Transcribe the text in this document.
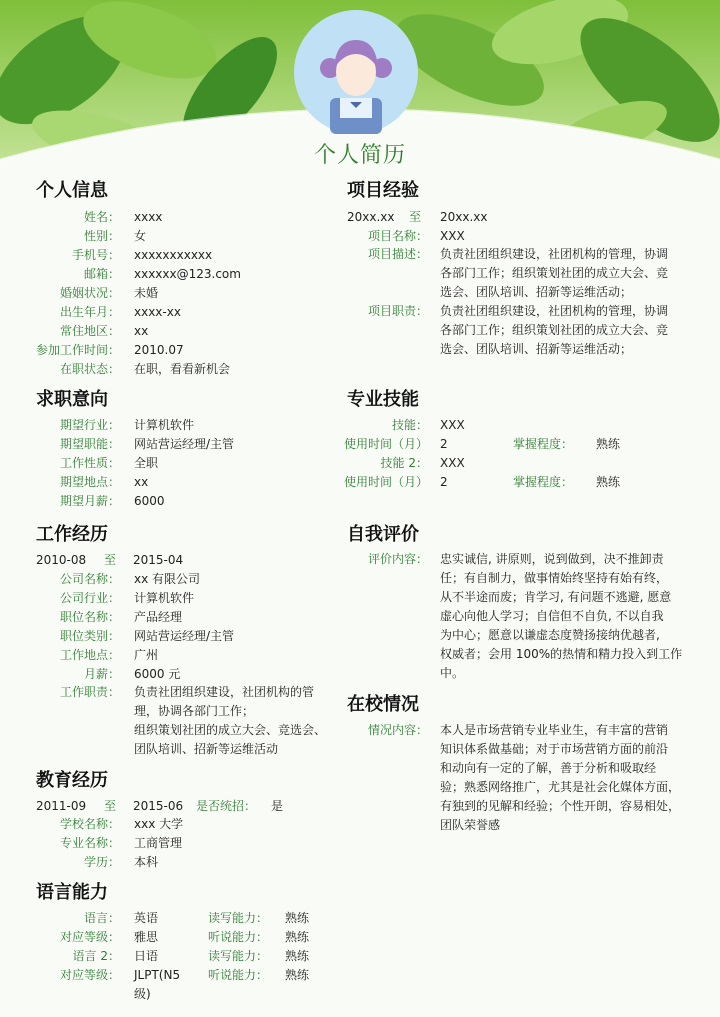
个人简历
个人信息
姓名： xxxx
性别： 女
手机号： xxxxxxxxxxx
邮箱： xxxxxx@123.com
婚姻状况： 未婚
出生年月： xxxx-xx
常住地区： xx
参加工作时间： 2010.07
在职状态： 在职，看看新机会
求职意向
期望行业： 计算机软件
期望职能： 网站营运经理/主管
工作性质： 全职
期望地点： xx
期望月薪： 6000
工作经历
2010-08 至 2015-04
公司名称： xx 有限公司
公司行业： 计算机软件
职位名称： 产品经理
职位类别： 网站营运经理/主管
工作地点： 广州
月薪： 6000 元
工作职责： 负责社团组织建设，社团机构的管
理，协调各部门工作；
组织策划社团的成立大会、竞选会、
团队培训、招新等运维活动
教育经历
2011-09 至 2015-06 是否统招： 是
学校名称： xxx 大学
专业名称： 工商管理
学历： 本科
语言能力
语言： 英语	读写能力： 熟练
对应等级： 雅思	听说能力： 熟练
语言 2： 日语	读写能力： 熟练
对应等级： JLPT(N5 听说能力： 熟练
级)
项目经验
20xx.xx 至 20xx.xx
项目名称： XXX
项目描述： 负责社团组织建设，社团机构的管理，协调
各部门工作；组织策划社团的成立大会、竞
选会、团队培训、招新等运维活动；
项目职责： 负责社团组织建设，社团机构的管理，协调
各部门工作；组织策划社团的成立大会、竞
选会、团队培训、招新等运维活动；
专业技能
技能： XXX
使用时间（月） 2	掌握程度： 熟练
技能 2： XXX
使用时间（月） 2	掌握程度： 熟练
自我评价
评价内容： 忠实诚信, 讲原则，说到做到，决不推卸责
任；有自制力，做事情始终坚持有始有终，
从不半途而废；肯学习, 有问题不逃避, 愿意
虚心向他人学习；自信但不自负, 不以自我
为中心；愿意以谦虚态度赞扬接纳优越者,
权威者；会用 100%的热情和精力投入到工作
中。
在校情况
情况内容： 本人是市场营销专业毕业生，有丰富的营销
知识体系做基础；对于市场营销方面的前沿
和动向有一定的了解，善于分析和吸取经
验；熟悉网络推广，尤其是社会化媒体方面，
有独到的见解和经验；个性开朗，容易相处，
团队荣誉感
